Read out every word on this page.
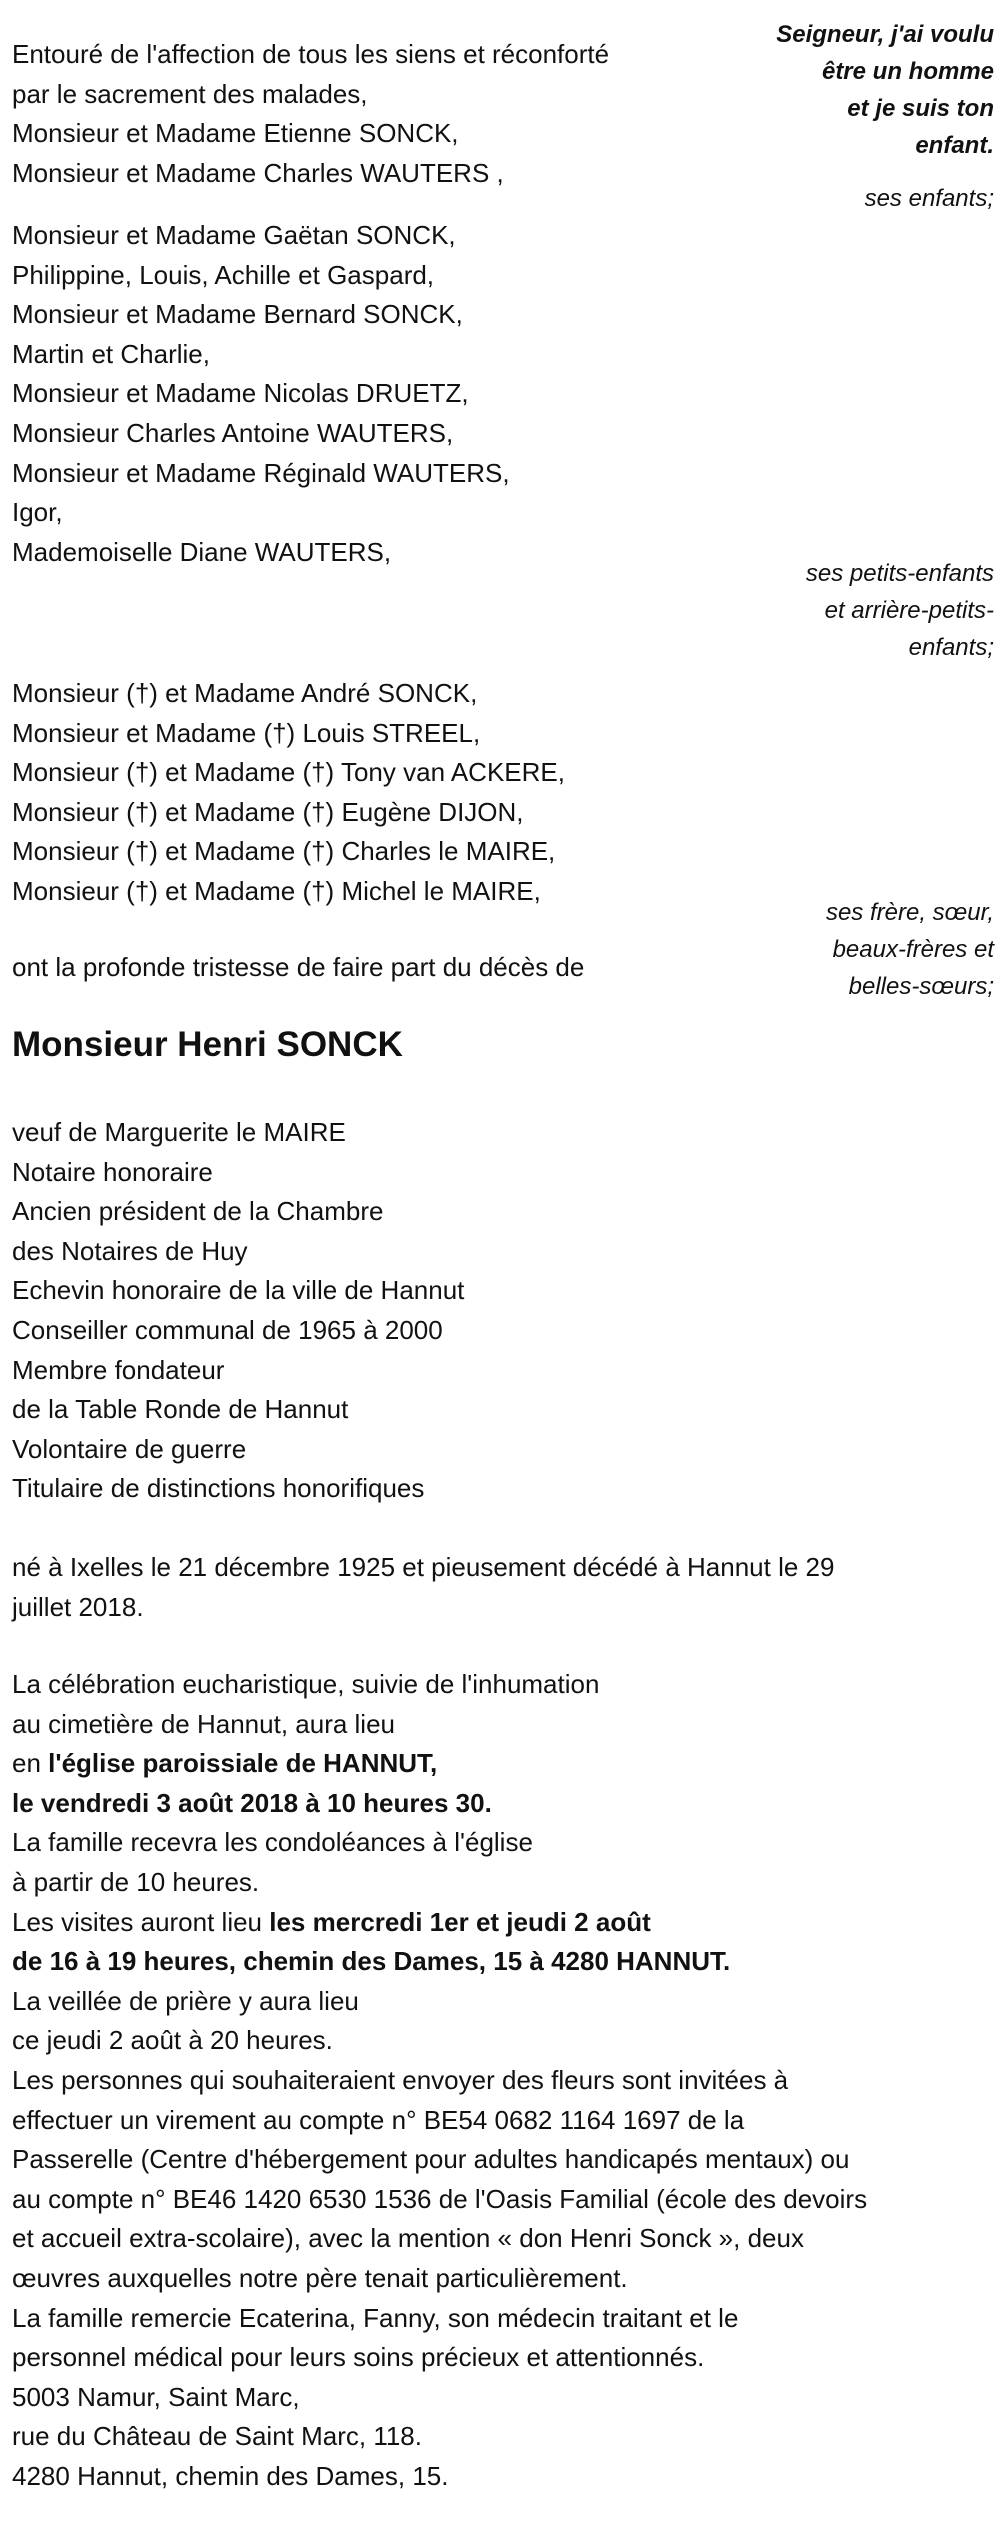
Seigneur, j'ai voulu
être un homme
et je suis ton
enfant.
ses enfants;
Entouré de l'affection de tous les siens et réconforté
par le sacrement des malades,
Monsieur et Madame Etienne SONCK,
Monsieur et Madame Charles WAUTERS ,
Monsieur et Madame Gaëtan SONCK,
Philippine, Louis, Achille et Gaspard,
Monsieur et Madame Bernard SONCK,
Martin et Charlie,
Monsieur et Madame Nicolas DRUETZ,
Monsieur Charles Antoine WAUTERS,
Monsieur et Madame Réginald WAUTERS,
Igor,
Mademoiselle Diane WAUTERS,
ses petits-enfants
et arrière-petits-
enfants;
Monsieur (†) et Madame André SONCK,
Monsieur et Madame (†) Louis STREEL,
Monsieur (†) et Madame (†) Tony van ACKERE,
Monsieur (†) et Madame (†) Eugène DIJON,
Monsieur (†) et Madame (†) Charles le MAIRE,
Monsieur (†) et Madame (†) Michel le MAIRE,
ses frère, sœur,
beaux-frères et
belles-sœurs;
ont la profonde tristesse de faire part du décès de
Monsieur Henri SONCK
veuf de Marguerite le MAIRE
Notaire honoraire
Ancien président de la Chambre
des Notaires de Huy
Echevin honoraire de la ville de Hannut
Conseiller communal de 1965 à 2000
Membre fondateur
de la Table Ronde de Hannut
Volontaire de guerre
Titulaire de distinctions honorifiques
né à Ixelles le 21 décembre 1925 et pieusement décédé à Hannut le 29
juillet 2018.
La célébration eucharistique, suivie de l'inhumation
au cimetière de Hannut, aura lieu
en l'église paroissiale de HANNUT,
le vendredi 3 août 2018 à 10 heures 30.
La famille recevra les condoléances à l'église
à partir de 10 heures.
Les visites auront lieu les mercredi 1er et jeudi 2 août
de 16 à 19 heures, chemin des Dames, 15 à 4280 HANNUT.
La veillée de prière y aura lieu
ce jeudi 2 août à 20 heures.
Les personnes qui souhaiteraient envoyer des fleurs sont invitées à
effectuer un virement au compte n° BE54 0682 1164 1697 de la
Passerelle (Centre d'hébergement pour adultes handicapés mentaux) ou
au compte n° BE46 1420 6530 1536 de l'Oasis Familial (école des devoirs
et accueil extra-scolaire), avec la mention « don Henri Sonck », deux
œuvres auxquelles notre père tenait particulièrement.
La famille remercie Ecaterina, Fanny, son médecin traitant et le
personnel médical pour leurs soins précieux et attentionnés.
5003 Namur, Saint Marc,
rue du Château de Saint Marc, 118.
4280 Hannut, chemin des Dames, 15.
